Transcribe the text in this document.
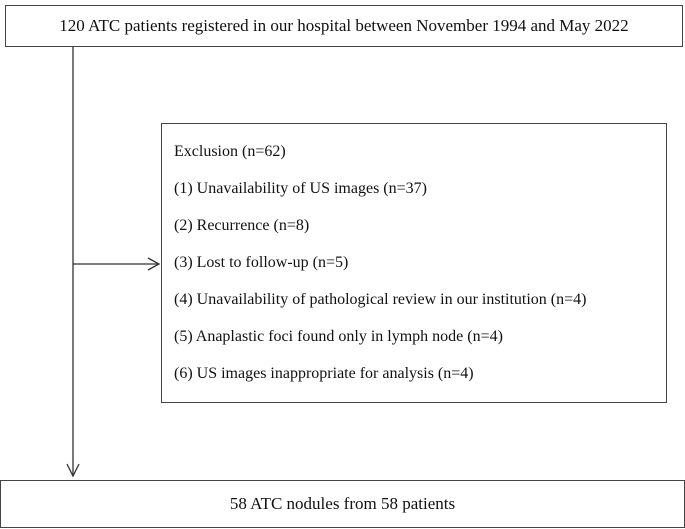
120 ATC patients registered in our hospital between November 1994 and May 2022
Exclusion (n=62)
(1) Unavailability of US images (n=37)
(2) Recurrence (n=8)
(3) Lost to follow-up (n=5)
(4) Unavailability of pathological review in our institution (n=4)
(5) Anaplastic foci found only in lymph node (n=4)
(6) US images inappropriate for analysis (n=4)
58 ATC nodules from 58 patients
